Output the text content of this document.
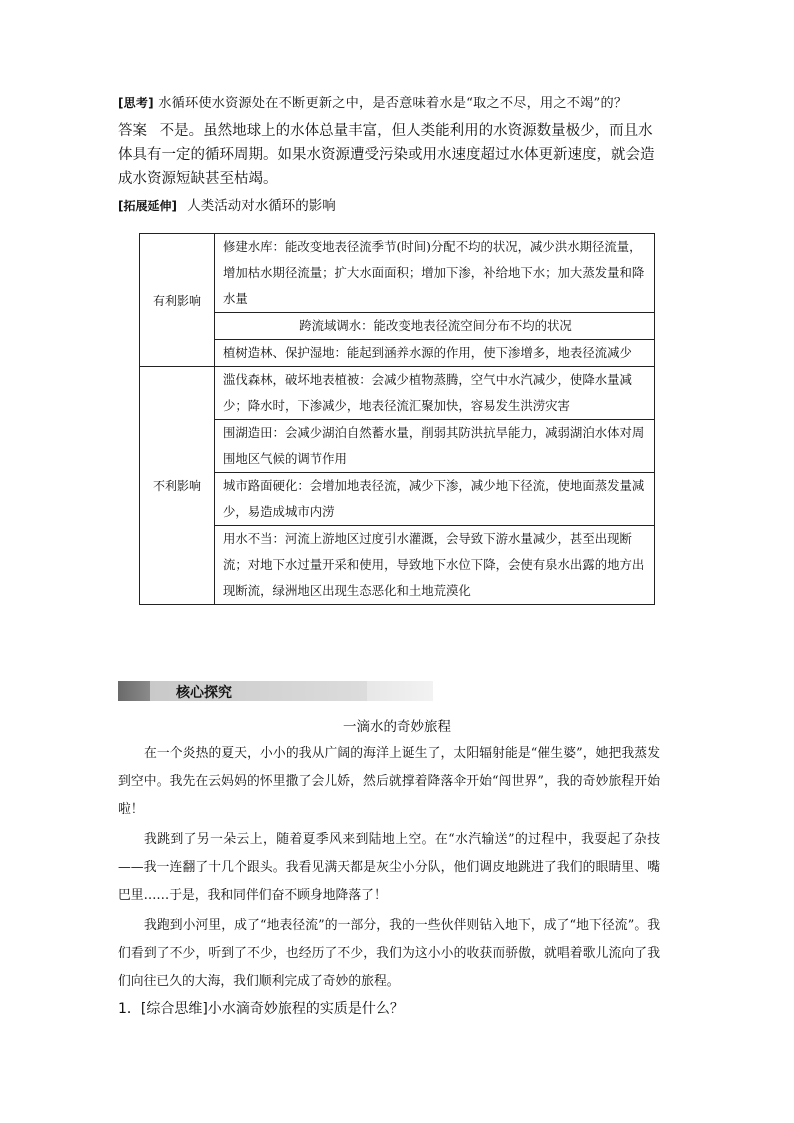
[思考] 水循环使水资源处在不断更新之中，是否意味着水是“取之不尽，用之不竭”的？

答案 不是。虽然地球上的水体总量丰富，但人类能利用的水资源数量极少，而且水体具有一定的循环周期。如果水资源遭受污染或用水速度超过水体更新速度，就会造成水资源短缺甚至枯竭。

[拓展延伸] 人类活动对水循环的影响

有利影响	修建水库：能改变地表径流季节(时间)分配不均的状况，减少洪水期径流量，增加枯水期径流量；扩大水面面积；增加下渗，补给地下水；加大蒸发量和降水量
	跨流域调水：能改变地表径流空间分布不均的状况
	植树造林、保护湿地：能起到涵养水源的作用，使下渗增多，地表径流减少
不利影响	滥伐森林，破坏地表植被：会减少植物蒸腾，空气中水汽减少，使降水量减少；降水时，下渗减少，地表径流汇聚加快，容易发生洪涝灾害
	围湖造田：会减少湖泊自然蓄水量，削弱其防洪抗旱能力，减弱湖泊水体对周围地区气候的调节作用
	城市路面硬化：会增加地表径流，减少下渗，减少地下径流，使地面蒸发量减少，易造成城市内涝
	用水不当：河流上游地区过度引水灌溉，会导致下游水量减少，甚至出现断流；对地下水过量开采和使用，导致地下水位下降，会使有泉水出露的地方出现断流，绿洲地区出现生态恶化和土地荒漠化
核心探究
一滴水的奇妙旅程

在一个炎热的夏天，小小的我从广阔的海洋上诞生了，太阳辐射能是“催生婆”，她把我蒸发到空中。我先在云妈妈的怀里撒了会儿娇，然后就撑着降落伞开始“闯世界”，我的奇妙旅程开始啦！

我跳到了另一朵云上，随着夏季风来到陆地上空。在“水汽输送”的过程中，我耍起了杂技——我一连翻了十几个跟头。我看见满天都是灰尘小分队，他们调皮地跳进了我们的眼睛里、嘴巴里……于是，我和同伴们奋不顾身地降落了！

我跑到小河里，成了“地表径流”的一部分，我的一些伙伴则钻入地下，成了“地下径流”。我们看到了不少，听到了不少，也经历了不少，我们为这小小的收获而骄傲，就唱着歌儿流向了我们向往已久的大海，我们顺利完成了奇妙的旅程。

1．[综合思维]小水滴奇妙旅程的实质是什么？
